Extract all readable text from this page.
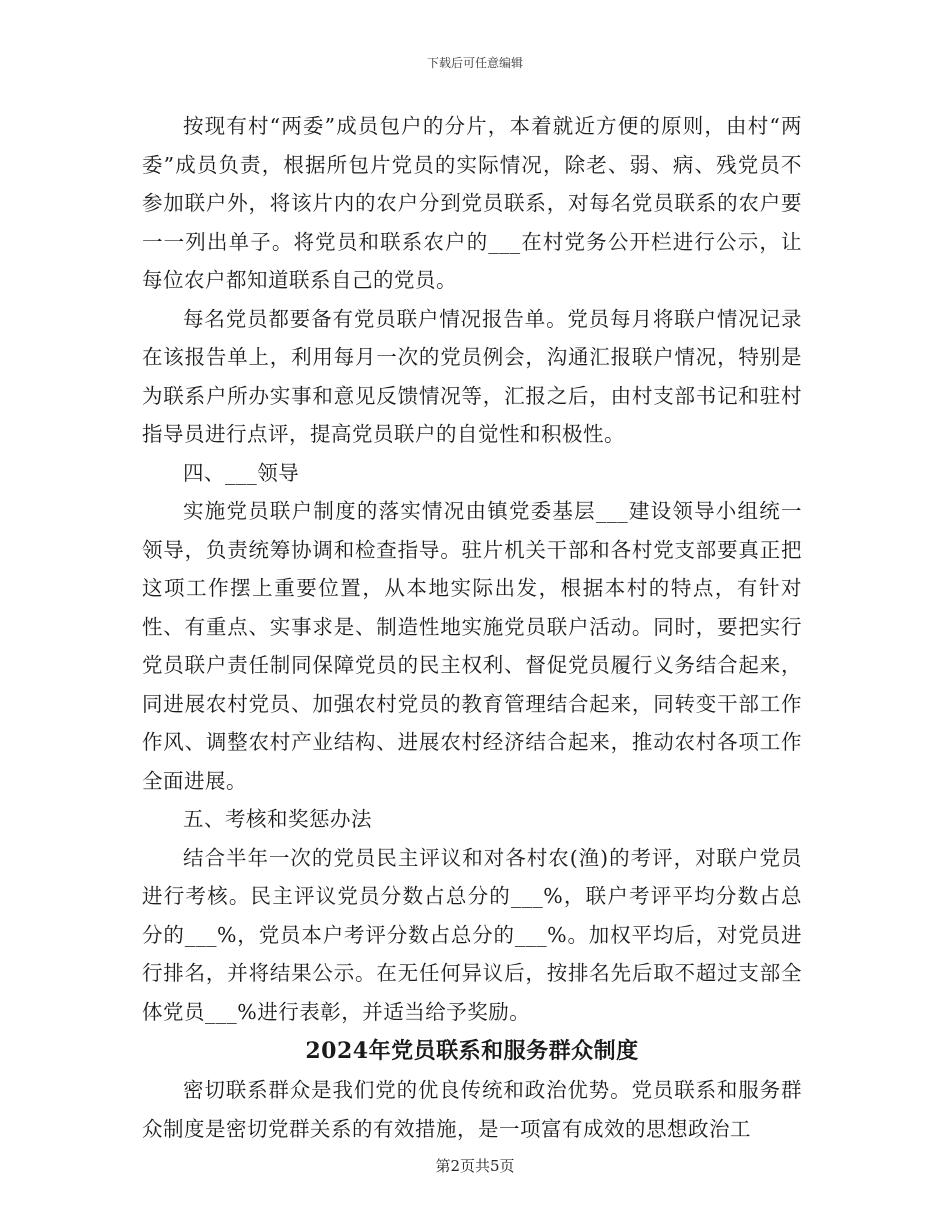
下载后可任意编辑

按现有村“两委”成员包户的分片，本着就近方便的原则，由村“两委”成员负责，根据所包片党员的实际情况，除老、弱、病、残党员不参加联户外，将该片内的农户分到党员联系，对每名党员联系的农户要一一列出单子。将党员和联系农户的___在村党务公开栏进行公示，让每位农户都知道联系自己的党员。

每名党员都要备有党员联户情况报告单。党员每月将联户情况记录在该报告单上，利用每月一次的党员例会，沟通汇报联户情况，特别是为联系户所办实事和意见反馈情况等，汇报之后，由村支部书记和驻村指导员进行点评，提高党员联户的自觉性和积极性。

四、___领导

实施党员联户制度的落实情况由镇党委基层___建设领导小组统一领导，负责统筹协调和检查指导。驻片机关干部和各村党支部要真正把这项工作摆上重要位置，从本地实际出发，根据本村的特点，有针对性、有重点、实事求是、制造性地实施党员联户活动。同时，要把实行党员联户责任制同保障党员的民主权利、督促党员履行义务结合起来，同进展农村党员、加强农村党员的教育管理结合起来，同转变干部工作作风、调整农村产业结构、进展农村经济结合起来，推动农村各项工作全面进展。

五、考核和奖惩办法

结合半年一次的党员民主评议和对各村农(渔)的考评，对联户党员进行考核。民主评议党员分数占总分的___%，联户考评平均分数占总分的___%，党员本户考评分数占总分的___%。加权平均后，对党员进行排名，并将结果公示。在无任何异议后，按排名先后取不超过支部全体党员___%进行表彰，并适当给予奖励。

2024年党员联系和服务群众制度

密切联系群众是我们党的优良传统和政治优势。党员联系和服务群众制度是密切党群关系的有效措施，是一项富有成效的思想政治工

第2页共5页
